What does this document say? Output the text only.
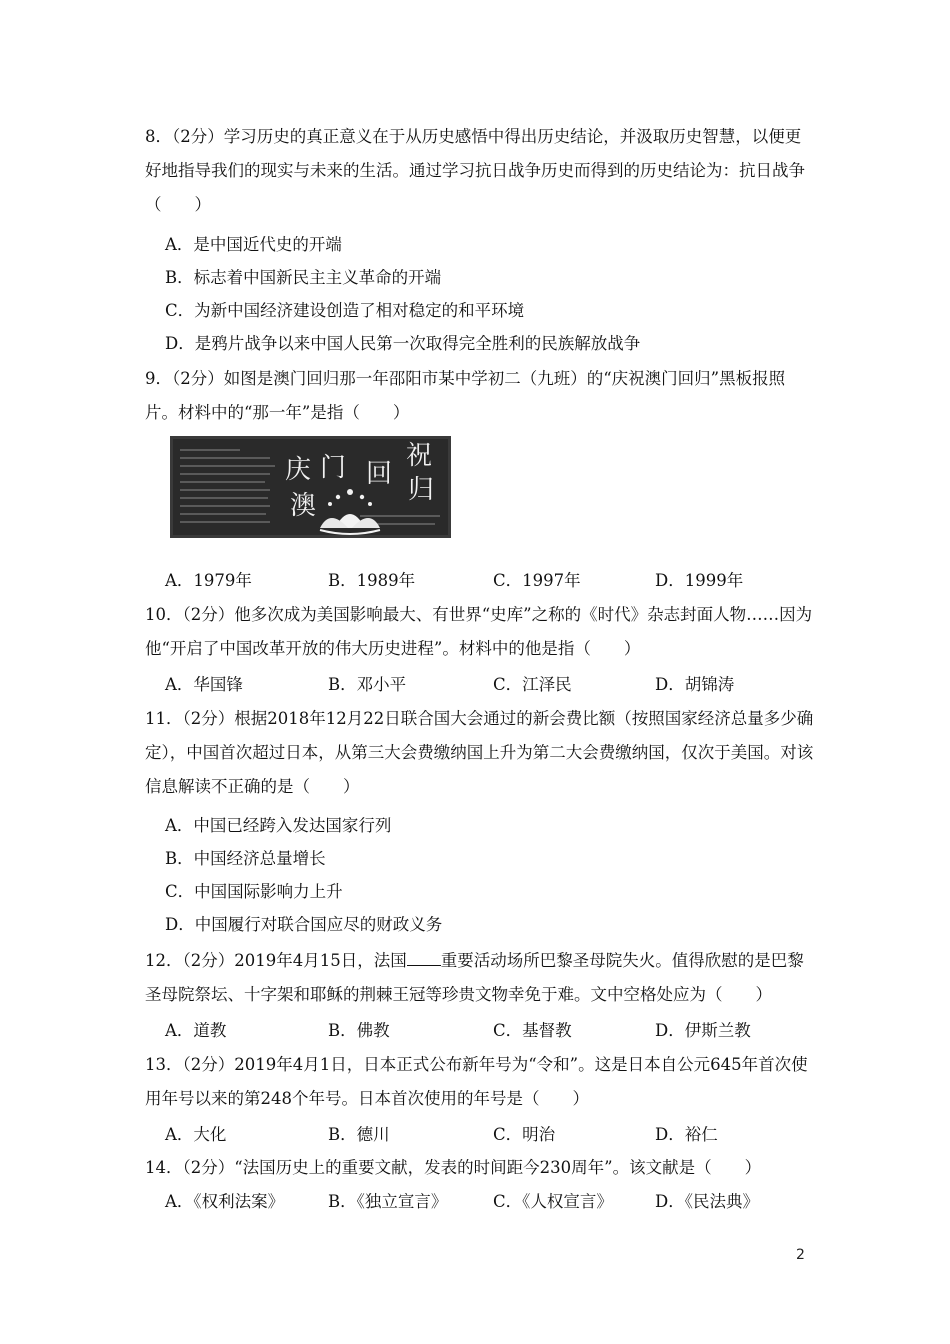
8．（2分）学习历史的真正意义在于从历史感悟中得出历史结论，并汲取历史智慧，以便更好地指导我们的现实与未来的生活。通过学习抗日战争历史而得到的历史结论为：抗日战争（　　）
A．是中国近代史的开端
B．标志着中国新民主主义革命的开端
C．为新中国经济建设创造了相对稳定的和平环境
D．是鸦片战争以来中国人民第一次取得完全胜利的民族解放战争
9．（2分）如图是澳门回归那一年邵阳市某中学初二（九班）的“庆祝澳门回归”黑板报照片。材料中的“那一年”是指（　　）
庆	祝
澳
门 回
归
A．1979年	B．1989年	C．1997年	D．1999年
10．（2分）他多次成为美国影响最大、有世界“史库”之称的《时代》杂志封面人物……因为他“开启了中国改革开放的伟大历史进程”。材料中的他是指（　　）
A．华国锋	B．邓小平	C．江泽民	D．胡锦涛
11．（2分）根据2018年12月22日联合国大会通过的新会费比额（按照国家经济总量多少确定），中国首次超过日本，从第三大会费缴纳国上升为第二大会费缴纳国，仅次于美国。对该信息解读不正确的是（　　）
A．中国已经跨入发达国家行列
B．中国经济总量增长
C．中国国际影响力上升
D．中国履行对联合国应尽的财政义务
12．（2分）2019年4月15日，法国 重要活动场所巴黎圣母院失火。值得欣慰的是巴黎圣母院祭坛、十字架和耶稣的荆棘王冠等珍贵文物幸免于难。文中空格处应为（　　）
A．道教	B．佛教	C．基督教	D．伊斯兰教
13．（2分）2019年4月1日，日本正式公布新年号为“令和”。这是日本自公元645年首次使用年号以来的第248个年号。日本首次使用的年号是（　　）
A．大化	B．德川	C．明治	D．裕仁
14．（2分）“法国历史上的重要文献，发表的时间距今230周年”。该文献是（　　）
A．《权利法案》	B．《独立宣言》	C．《人权宣言》	D．《民法典》
2
